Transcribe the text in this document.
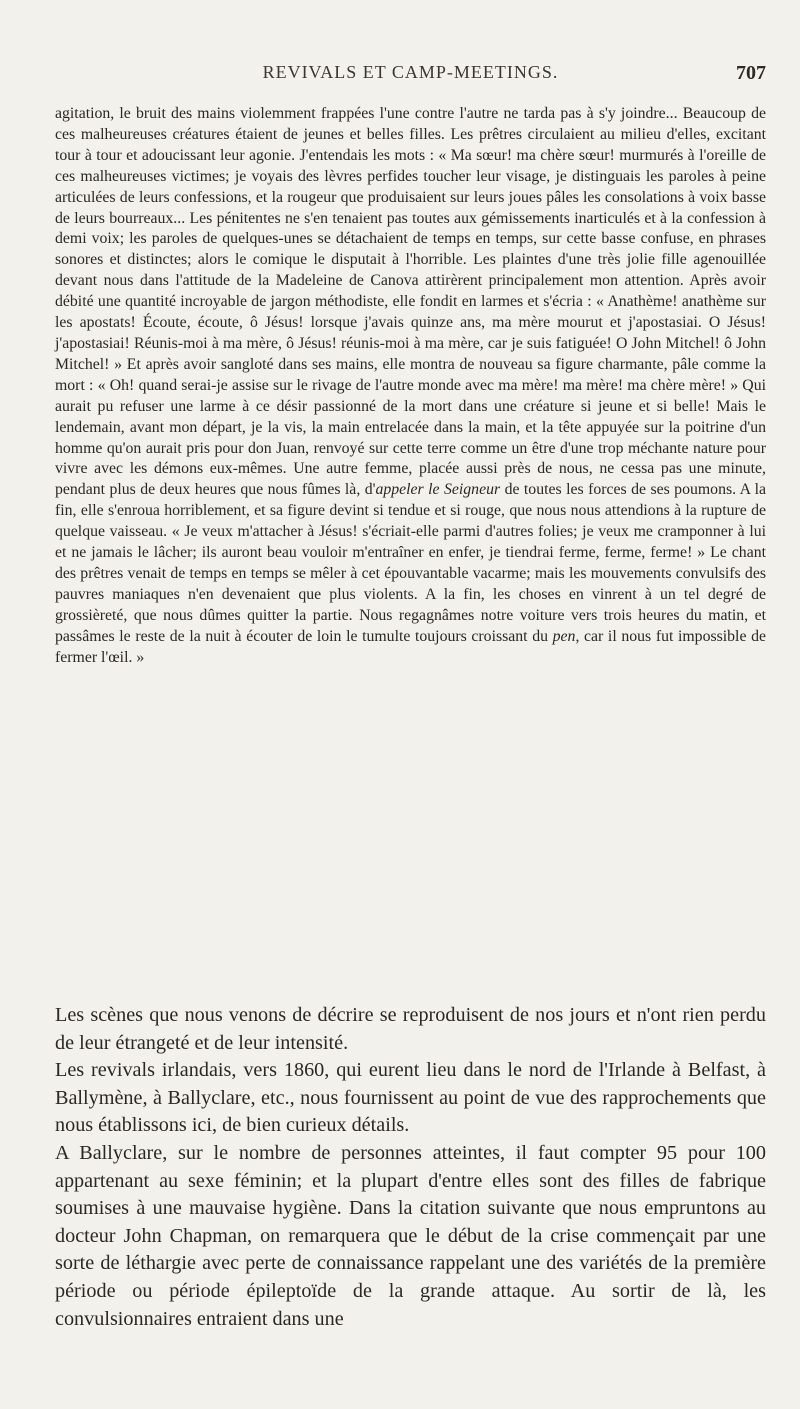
REVIVALS ET CAMP-MEETINGS.	707

agitation, le bruit des mains violemment frappées l'une contre l'autre ne tarda pas à s'y joindre... Beaucoup de ces malheureuses créatures étaient de jeunes et belles filles. Les prêtres circulaient au milieu d'elles, excitant tour à tour et adoucissant leur agonie. J'entendais les mots : « Ma sœur! ma chère sœur! murmurés à l'oreille de ces malheureuses victimes; je voyais des lèvres perfides toucher leur visage, je distinguais les paroles à peine articulées de leurs confessions, et la rougeur que produisaient sur leurs joues pâles les consolations à voix basse de leurs bourreaux... Les pénitentes ne s'en tenaient pas toutes aux gémissements inarticulés et à la confession à demi voix; les paroles de quelques-unes se détachaient de temps en temps, sur cette basse confuse, en phrases sonores et distinctes; alors le comique le disputait à l'horrible. Les plaintes d'une très jolie fille agenouillée devant nous dans l'attitude de la Madeleine de Canova attirèrent principalement mon attention. Après avoir débité une quantité incroyable de jargon méthodiste, elle fondit en larmes et s'écria : « Anathème! anathème sur les apostats! Écoute, écoute, ô Jésus! lorsque j'avais quinze ans, ma mère mourut et j'apostasiai. O Jésus! j'apostasiai! Réunis-moi à ma mère, ô Jésus! réunis-moi à ma mère, car je suis fatiguée! O John Mitchel! ô John Mitchel! » Et après avoir sangloté dans ses mains, elle montra de nouveau sa figure charmante, pâle comme la mort : « Oh! quand serai-je assise sur le rivage de l'autre monde avec ma mère! ma mère! ma chère mère! » Qui aurait pu refuser une larme à ce désir passionné de la mort dans une créature si jeune et si belle! Mais le lendemain, avant mon départ, je la vis, la main entrelacée dans la main, et la tête appuyée sur la poitrine d'un homme qu'on aurait pris pour don Juan, renvoyé sur cette terre comme un être d'une trop méchante nature pour vivre avec les démons eux-mêmes. Une autre femme, placée aussi près de nous, ne cessa pas une minute, pendant plus de deux heures que nous fûmes là, d'appeler le Seigneur de toutes les forces de ses poumons. A la fin, elle s'enroua horriblement, et sa figure devint si tendue et si rouge, que nous nous attendions à la rupture de quelque vaisseau. « Je veux m'attacher à Jésus! s'écriait-elle parmi d'autres folies; je veux me cramponner à lui et ne jamais le lâcher; ils auront beau vouloir m'entraîner en enfer, je tiendrai ferme, ferme, ferme! » Le chant des prêtres venait de temps en temps se mêler à cet épouvantable vacarme; mais les mouvements convulsifs des pauvres maniaques n'en devenaient que plus violents. A la fin, les choses en vinrent à un tel degré de grossièreté, que nous dûmes quitter la partie. Nous regagnâmes notre voiture vers trois heures du matin, et passâmes le reste de la nuit à écouter de loin le tumulte toujours croissant du pen, car il nous fut impossible de fermer l'œil. »

Les scènes que nous venons de décrire se reproduisent de nos jours et n'ont rien perdu de leur étrangeté et de leur intensité.

Les revivals irlandais, vers 1860, qui eurent lieu dans le nord de l'Irlande à Belfast, à Ballymène, à Ballyclare, etc., nous fournissent au point de vue des rapprochements que nous établissons ici, de bien curieux détails.

A Ballyclare, sur le nombre de personnes atteintes, il faut compter 95 pour 100 appartenant au sexe féminin; et la plupart d'entre elles sont des filles de fabrique soumises à une mauvaise hygiène. Dans la citation suivante que nous empruntons au docteur John Chapman, on remarquera que le début de la crise commençait par une sorte de léthargie avec perte de connaissance rappelant une des variétés de la première période ou période épileptoïde de la grande attaque. Au sortir de là, les convulsionnaires entraient dans une
